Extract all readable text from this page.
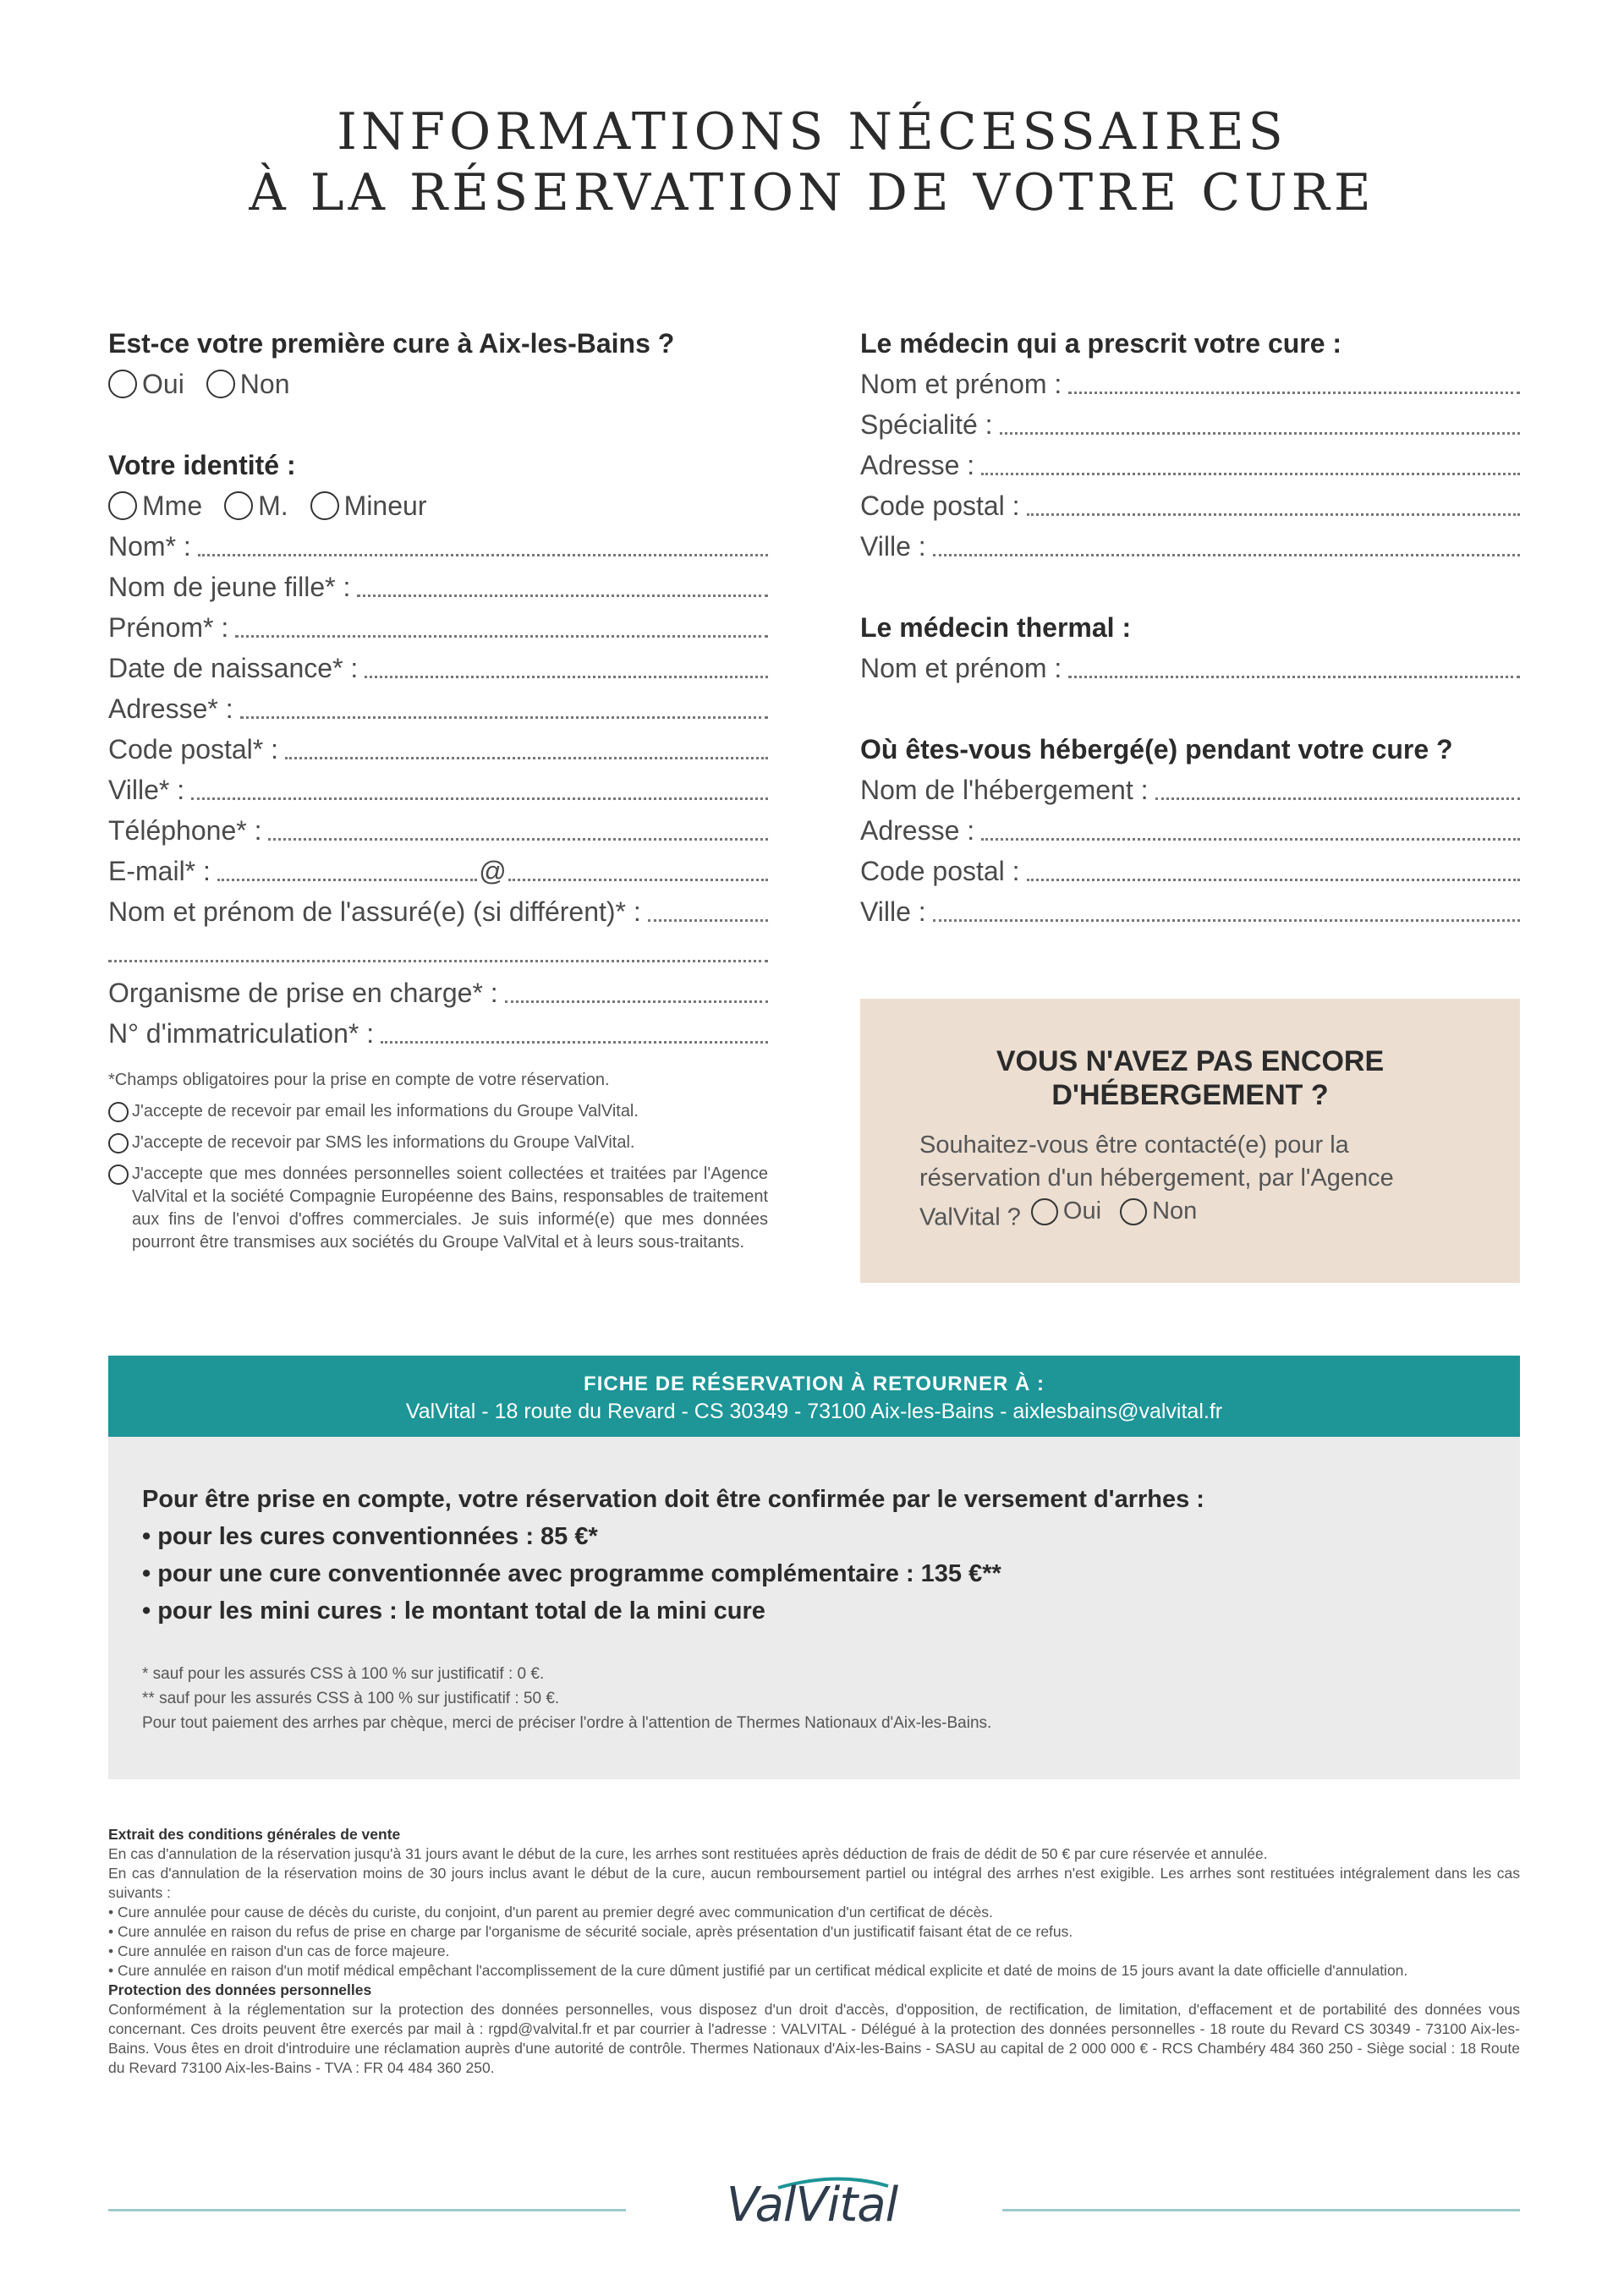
INFORMATIONS NÉCESSAIRES
À LA RÉSERVATION DE VOTRE CURE
Est-ce votre première cure à Aix-les-Bains ?
Oui Non
Votre identité :
Mme M. Mineur
Nom* :
Nom de jeune fille* :
Prénom* :
Date de naissance* :
Adresse* :
Code postal* :
Ville* :
Téléphone* :
E-mail* :	@
Nom et prénom de l'assuré(e) (si différent)* :
Organisme de prise en charge* :
N° d'immatriculation* :
*Champs obligatoires pour la prise en compte de votre réservation.
J'accepte de recevoir par email les informations du Groupe ValVital.
J'accepte de recevoir par SMS les informations du Groupe ValVital.
J'accepte que mes données personnelles soient collectées et traitées par l'Agence ValVital et la société Compagnie Européenne des Bains, responsables de traitement aux fins de l'envoi d'offres commerciales. Je suis informé(e) que mes données pourront être transmises aux sociétés du Groupe ValVital et à leurs sous-traitants.
Le médecin qui a prescrit votre cure :
Nom et prénom :
Spécialité :
Adresse :
Code postal :
Ville :
Le médecin thermal :
Nom et prénom :
Où êtes-vous hébergé(e) pendant votre cure ?
Nom de l'hébergement :
Adresse :
Code postal :
Ville :
VOUS N'AVEZ PAS ENCORE
D'HÉBERGEMENT ?
Souhaitez-vous être contacté(e) pour la réservation d'un hébergement, par l'Agence ValVital ? Oui
Non
FICHE DE RÉSERVATION À RETOURNER À :
ValVital - 18 route du Revard - CS 30349 - 73100 Aix-les-Bains - aixlesbains@valvital.fr
Pour être prise en compte, votre réservation doit être confirmée par le versement d'arrhes :
• pour les cures conventionnées : 85 €*
• pour une cure conventionnée avec programme complémentaire : 135 €**
• pour les mini cures : le montant total de la mini cure
* sauf pour les assurés CSS à 100 % sur justificatif : 0 €.
** sauf pour les assurés CSS à 100 % sur justificatif : 50 €.
Pour tout paiement des arrhes par chèque, merci de préciser l'ordre à l'attention de Thermes Nationaux d'Aix-les-Bains.
Extrait des conditions générales de vente
En cas d'annulation de la réservation jusqu'à 31 jours avant le début de la cure, les arrhes sont restituées après déduction de frais de dédit de 50 € par cure réservée et annulée.
En cas d'annulation de la réservation moins de 30 jours inclus avant le début de la cure, aucun remboursement partiel ou intégral des arrhes n'est exigible. Les arrhes sont restituées intégralement dans les cas suivants :
• Cure annulée pour cause de décès du curiste, du conjoint, d'un parent au premier degré avec communication d'un certificat de décès.
• Cure annulée en raison du refus de prise en charge par l'organisme de sécurité sociale, après présentation d'un justificatif faisant état de ce refus.
• Cure annulée en raison d'un cas de force majeure.
• Cure annulée en raison d'un motif médical empêchant l'accomplissement de la cure dûment justifié par un certificat médical explicite et daté de moins de 15 jours avant la date officielle d'annulation.
Protection des données personnelles
Conformément à la réglementation sur la protection des données personnelles, vous disposez d'un droit d'accès, d'opposition, de rectification, de limitation, d'effacement et de portabilité des données vous concernant. Ces droits peuvent être exercés par mail à : rgpd@valvital.fr et par courrier à l'adresse : VALVITAL - Délégué à la protection des données personnelles - 18 route du Revard CS 30349 - 73100 Aix-les-Bains. Vous êtes en droit d'introduire une réclamation auprès d'une autorité de contrôle. Thermes Nationaux d'Aix-les-Bains - SASU au capital de 2 000 000 € - RCS Chambéry 484 360 250 - Siège social : 18 Route du Revard 73100 Aix-les-Bains - TVA : FR 04 484 360 250.
ValVital
